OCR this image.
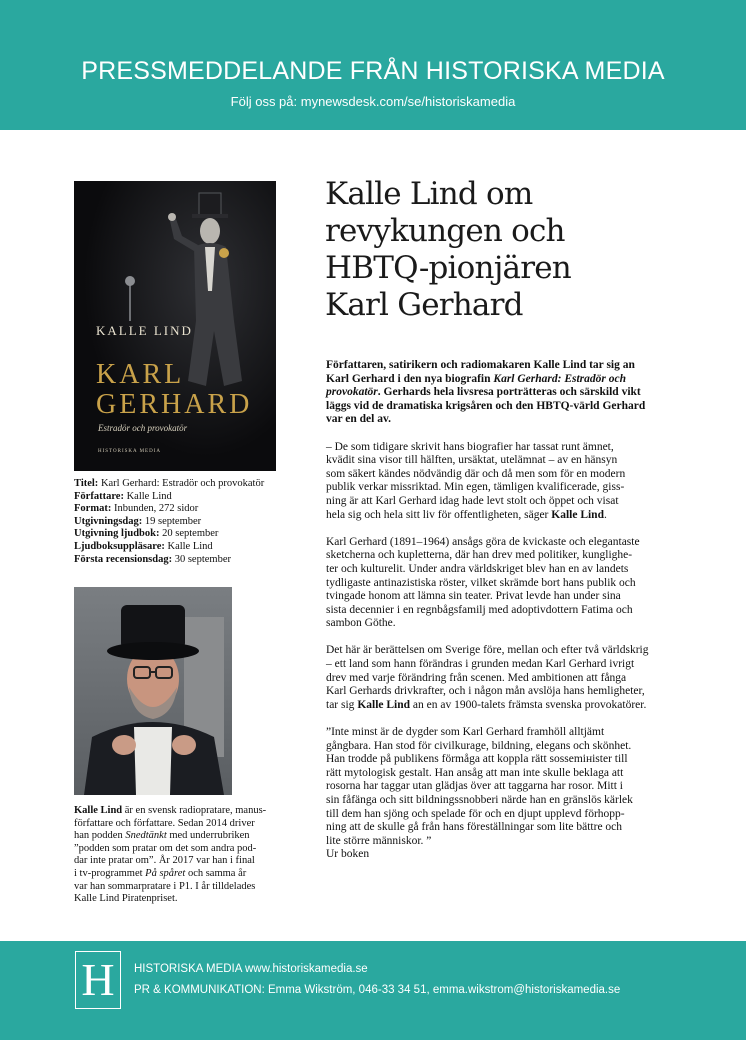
PRESSMEDDELANDE FRÅN HISTORISKA MEDIA
Följ oss på: mynewsdesk.com/se/historiskamedia
KALLE LIND
KARL
GERHARD
Estradör och provokatör
HISTORISKA MEDIA
Titel: Karl Gerhard: Estradör och provokatör
Författare: Kalle Lind
Format: Inbunden, 272 sidor
Utgivningsdag: 19 september
Utgivning ljudbok: 20 september
Ljudboksuppläsare: Kalle Lind
Första recensionsdag: 30 september
Kalle Lind är en svensk radiopratare, manus-
författare och författare. Sedan 2014 driver
han podden Snedtänkt med underrubriken
”podden som pratar om det som andra pod-
dar inte pratar om”. År 2017 var han i final
i tv-programmet På spåret och samma år
var han sommarpratare i P1. I år tilldelades
Kalle Lind Piratenpriset.
Kalle Lind om
revykungen och
HBTQ-pionjären
Karl Gerhard
Författaren, satirikern och radiomakaren Kalle Lind tar sig an
Karl Gerhard i den nya biografin Karl Gerhard: Estradör och
provokatör. Gerhards hela livsresa porträtteras och särskild vikt
läggs vid de dramatiska krigsåren och den HBTQ-värld Gerhard
var en del av.
– De som tidigare skrivit hans biografier har tassat runt ämnet,
kvädit sina visor till hälften, ursäktat, utelämnat – av en hänsyn
som säkert kändes nödvändig där och då men som för en modern
publik verkar missriktad. Min egen, tämligen kvalificerade, giss-
ning är att Karl Gerhard idag hade levt stolt och öppet och visat
hela sig och hela sitt liv för offentligheten, säger Kalle Lind.
Karl Gerhard (1891–1964) ansågs göra de kvickaste och elegantaste
sketcherna och kupletterna, där han drev med politiker, kunglighe-
ter och kulturelit. Under andra världskriget blev han en av landets
tydligaste antinazistiska röster, vilket skrämde bort hans publik och
tvingade honom att lämna sin teater. Privat levde han under sina
sista decennier i en regnbågsfamilj med adoptivdottern Fatima och
sambon Göthe.
Det här är berättelsen om Sverige före, mellan och efter två världskrig
– ett land som hann förändras i grunden medan Karl Gerhard ivrigt
drev med varje förändring från scenen. Med ambitionen att fånga
Karl Gerhards drivkrafter, och i någon mån avslöja hans hemligheter,
tar sig Kalle Lind an en av 1900-talets främsta svenska provokatörer.
”Inte minst är de dygder som Karl Gerhard framhöll alltjämt
gångbara. Han stod för civilkurage, bildning, elegans och skönhet.
Han trodde på publikens förmåga att koppla rätt sossemінister till
rätt mytologisk gestalt. Han ansåg att man inte skulle beklaga att
rosorna har taggar utan glädjas över att taggarna har rosor. Mitt i
sin fåfänga och sitt bildningssnobberi närde han en gränslös kärlek
till dem han sjöng och spelade för och en djupt upplevd förhopp-
ning att de skulle gå från hans föreställningar som lite bättre och
lite större människor. ”
Ur boken
H	HISTORISKA MEDIA www.historiskamedia.se
PR & KOMMUNIKATION: Emma Wikström, 046-33 34 51, emma.wikstrom@historiskamedia.se
